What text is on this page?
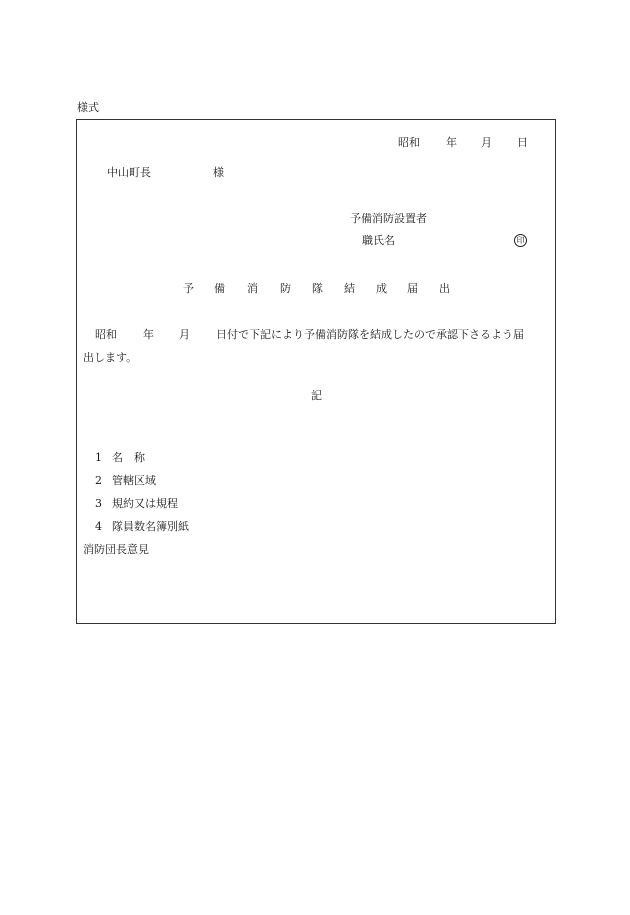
様式
昭和 年 月 日
中山町長	様
予備消防設置者
職氏名	印
予 備 消 防 隊 結 成 届 出
昭和 年 月 日付で下記により予備消防隊を結成したので承認下さるよう届
出します。
記
1 名　称
2 管轄区域
3 規約又は規程
4 隊員数名簿別紙
消防団長意見
